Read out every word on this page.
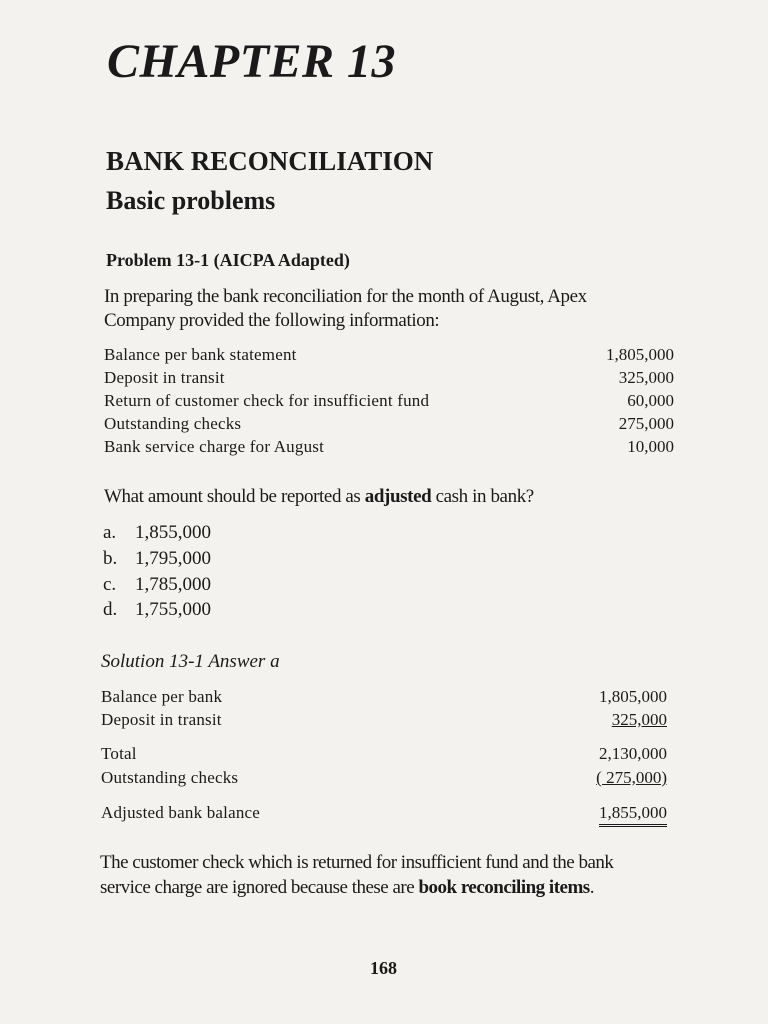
CHAPTER 13
BANK RECONCILIATION
Basic problems
Problem 13-1 (AICPA Adapted)
In preparing the bank reconciliation for the month of August, Apex
Company provided the following information:
Balance per bank statement	1,805,000
Deposit in transit	325,000
Return of customer check for insufficient fund	60,000
Outstanding checks	275,000
Bank service charge for August	10,000
What amount should be reported as adjusted cash in bank?
a. 1,855,000
b. 1,795,000
c. 1,785,000
d. 1,755,000
Solution 13-1 Answer a
Balance per bank	1,805,000
Deposit in transit	325,000
Total	2,130,000
Outstanding checks	( 275,000)
Adjusted bank balance	1,855,000
The customer check which is returned for insufficient fund and the bank
service charge are ignored because these are book reconciling items.
168
